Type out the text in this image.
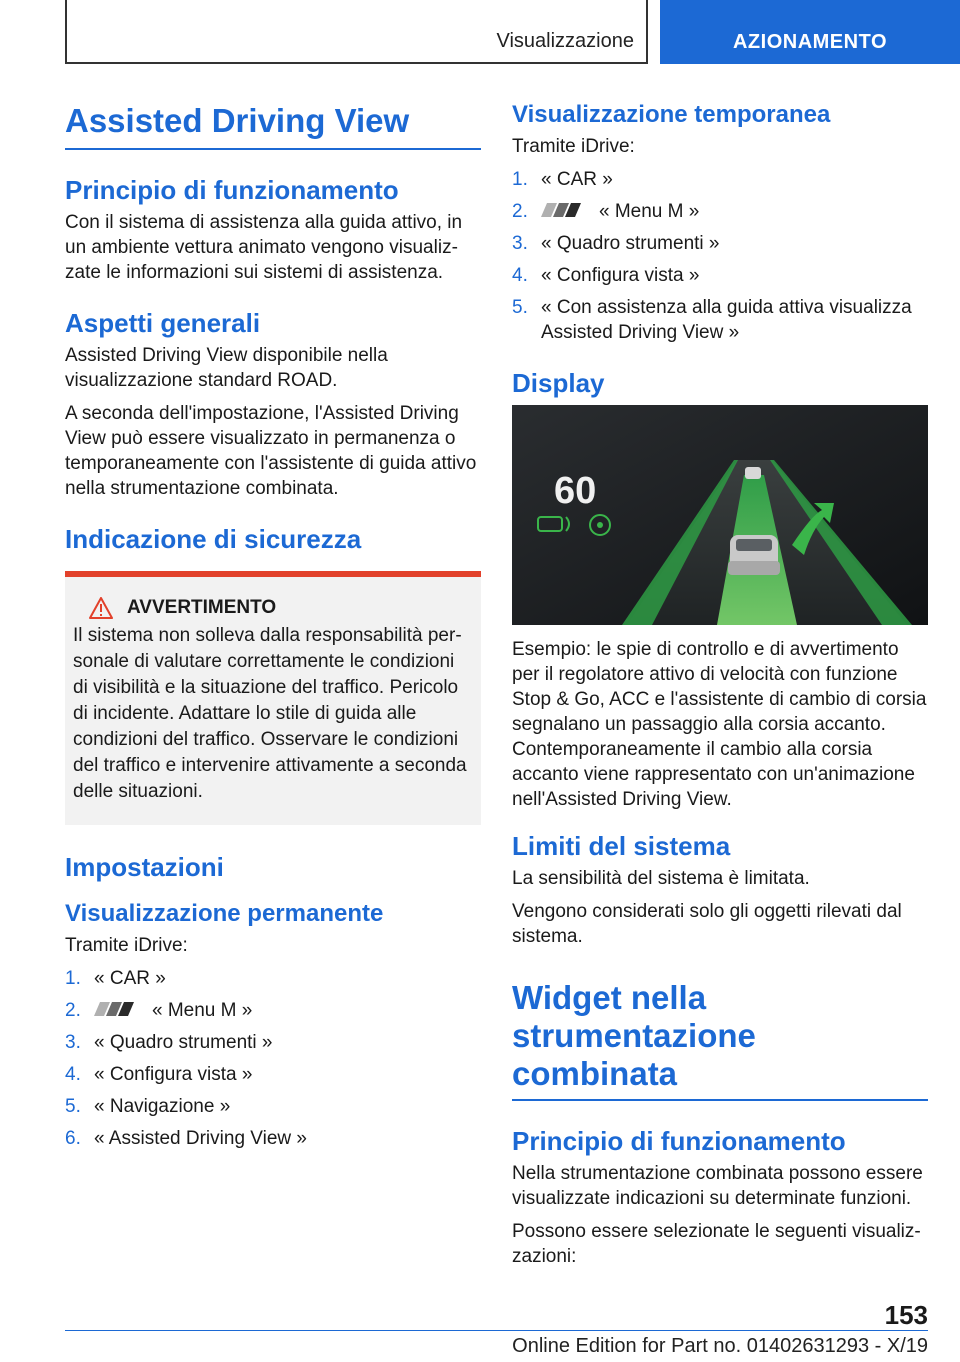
Visualizzazione	AZIONAMENTO
Assisted Driving View
Principio di funzionamento

Con il sistema di assistenza alla guida attivo, in un ambiente vettura animato vengono visualizzate le informazioni sui sistemi di assistenza.

Aspetti generali

Assisted Driving View disponibile nella visualizzazione standard ROAD.

A seconda dell'impostazione, l'Assisted Driving View può essere visualizzato in permanenza o temporaneamente con l'assistente di guida attivo nella strumentazione combinata.

Indicazione di sicurezza
AVVERTIMENTO

Il sistema non solleva dalla responsabilità personale di valutare correttamente le condizioni di visibilità e la situazione del traffico. Pericolo di incidente. Adattare lo stile di guida alle condizioni del traffico. Osservare le condizioni del traffico e intervenire attivamente a seconda delle situazioni.

Impostazioni
Visualizzazione permanente

Tramite iDrive:

1. « CAR »
2.	« Menu M »
3. « Quadro strumenti »
4. « Configura vista »
5. « Navigazione »
6. « Assisted Driving View »
Visualizzazione temporanea

Tramite iDrive:

1. « CAR »
2.	« Menu M »
3. « Quadro strumenti »
4. « Configura vista »
5. « Con assistenza alla guida attiva visualizza Assisted Driving View »
Display
60

Esempio: le spie di controllo e di avvertimento per il regolatore attivo di velocità con funzione Stop & Go, ACC e l'assistente di cambio di corsia segnalano un passaggio alla corsia accanto. Contemporaneamente il cambio alla corsia accanto viene rappresentato con un'animazione nell'Assisted Driving View.

Limiti del sistema

La sensibilità del sistema è limitata.

Vengono considerati solo gli oggetti rilevati dal sistema.

Widget nella strumentazione combinata
Principio di funzionamento

Nella strumentazione combinata possono essere visualizzate indicazioni su determinate funzioni.

Possono essere selezionate le seguenti visualizzazioni:

153
Online Edition for Part no. 01402631293 - X/19
